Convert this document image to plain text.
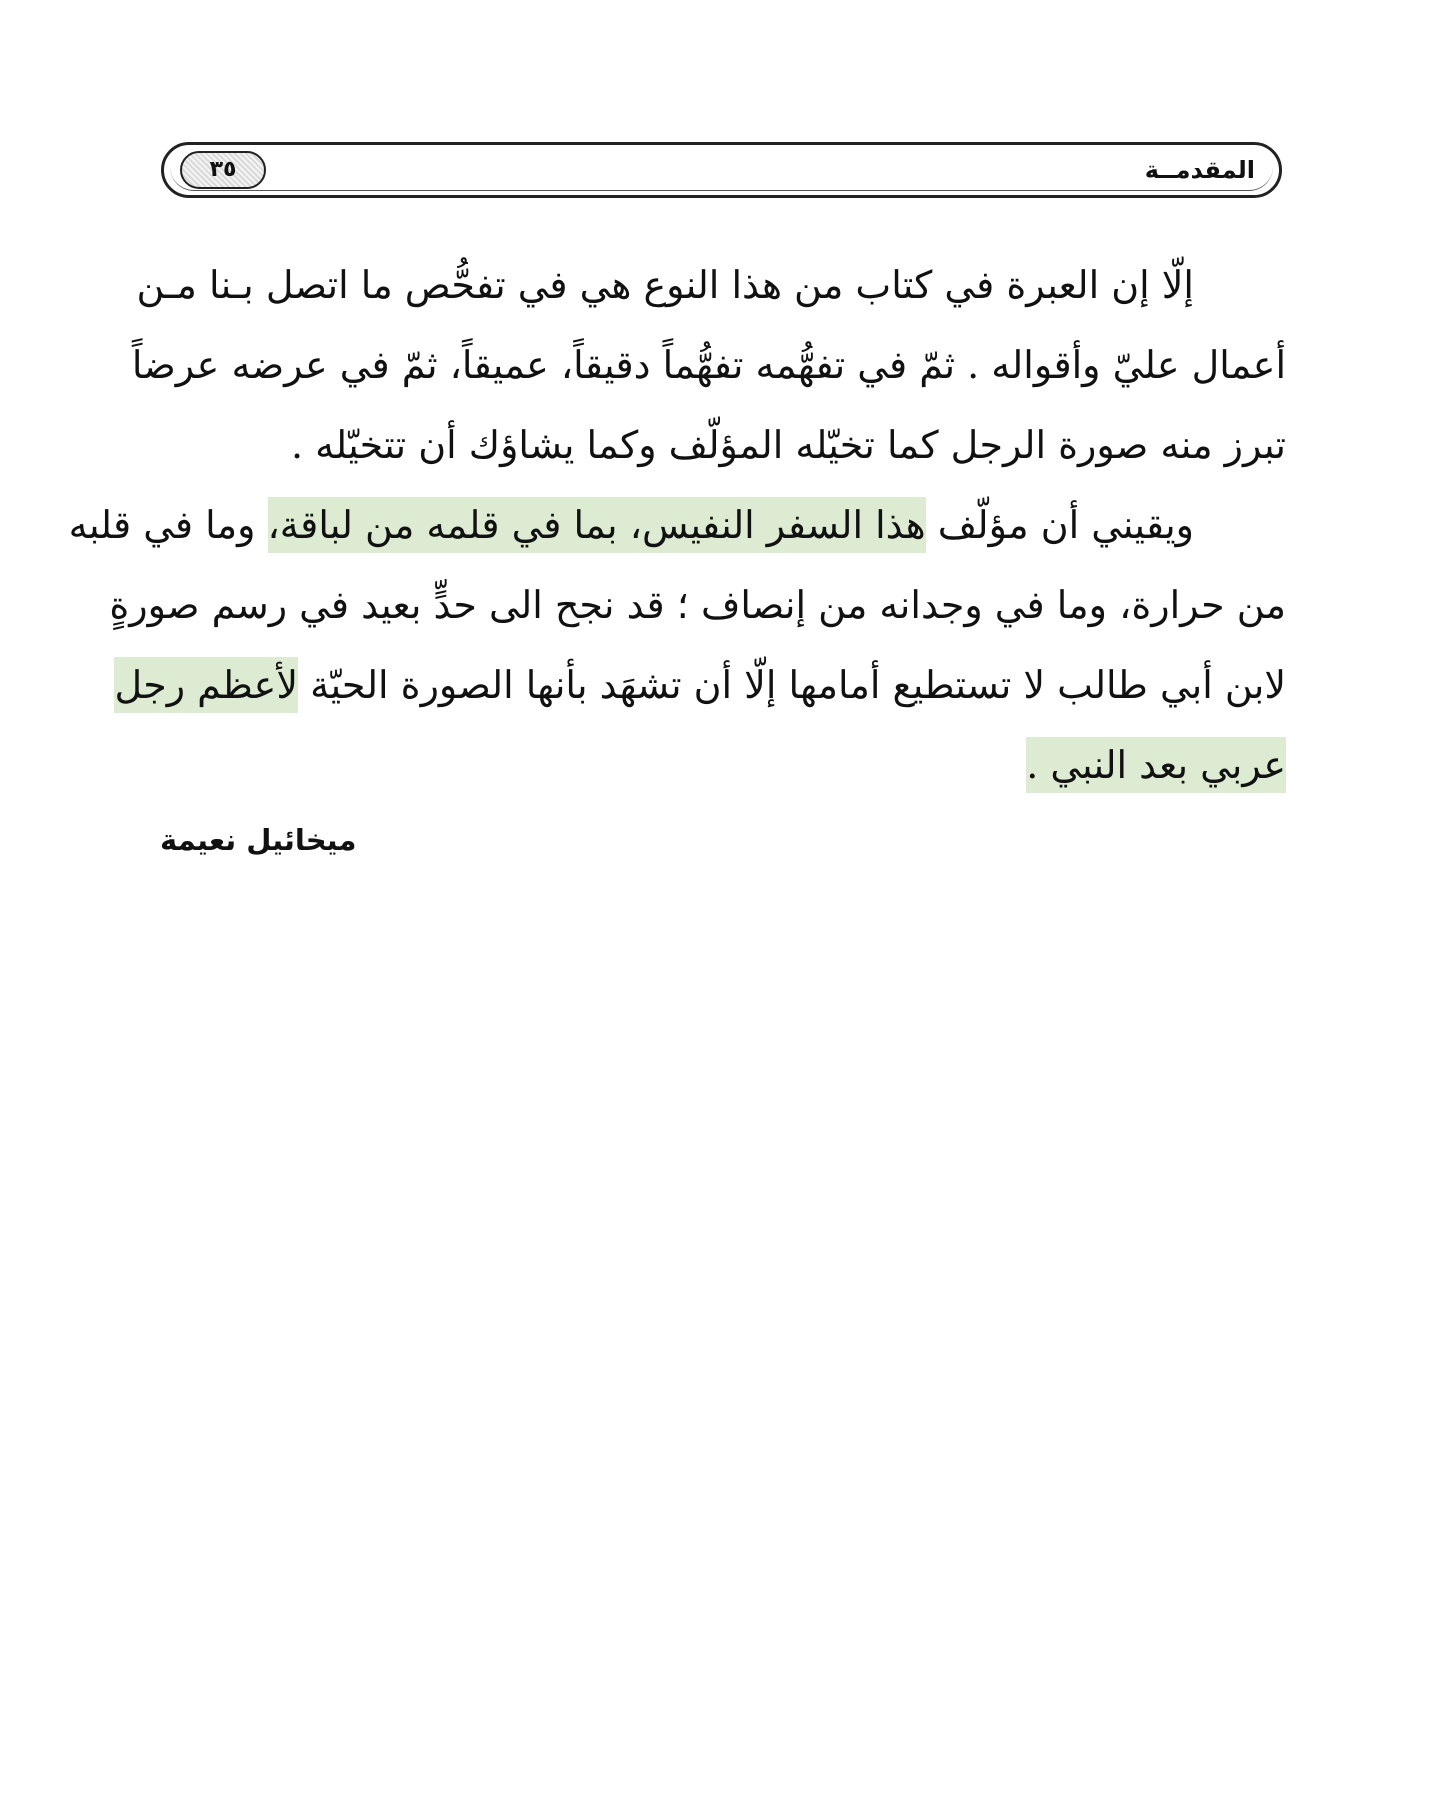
المقدمــة
٣٥
إلّا إن العبرة في كتاب من هذا النوع هي في تفحُّص ما اتصل بـنا مـن
أعمال عليّ وأقواله . ثمّ في تفهُّمه تفهُّماً دقيقاً، عميقاً، ثمّ في عرضه عرضاً
تبرز منه صورة الرجل كما تخيّله المؤلّف وكما يشاؤك أن تتخيّله .
ويقيني أن مؤلّف هذا السفر النفيس، بما في قلمه من لباقة، وما في قلبه
من حرارة، وما في وجدانه من إنصاف ؛ قد نجح الى حدٍّ بعيد في رسم صورةٍ
لابن أبي طالب لا تستطيع أمامها إلّا أن تشهَد بأنها الصورة الحيّة لأعظم رجل
عربي بعد النبي .
ميخائيل نعيمة
